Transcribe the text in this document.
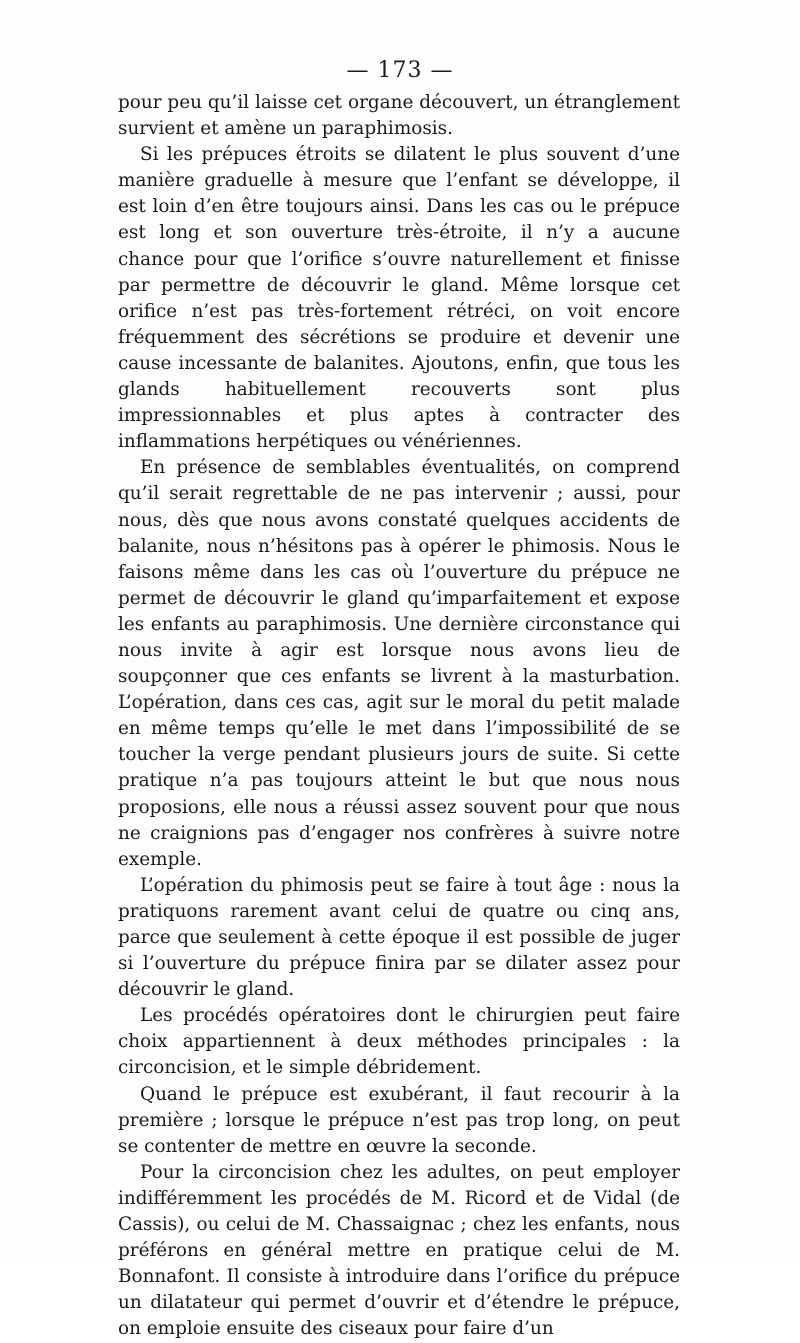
— 173 —

pour peu qu’il laisse cet organe découvert, un étranglement survient et amène un paraphimosis.

Si les prépuces étroits se dilatent le plus souvent d’une manière graduelle à mesure que l’enfant se développe, il est loin d’en être toujours ainsi. Dans les cas ou le prépuce est long et son ouverture très-étroite, il n’y a aucune chance pour que l’orifice s’ouvre naturellement et finisse par permettre de découvrir le gland. Même lorsque cet orifice n’est pas très-fortement rétréci, on voit encore fréquemment des sécrétions se produire et devenir une cause incessante de balanites. Ajoutons, enfin, que tous les glands habituellement recouverts sont plus impressionnables et plus aptes à contracter des inflammations herpétiques ou vénériennes.

En présence de semblables éventualités, on comprend qu’il serait regrettable de ne pas intervenir ; aussi, pour nous, dès que nous avons constaté quelques accidents de balanite, nous n’hésitons pas à opérer le phimosis. Nous le faisons même dans les cas où l’ouverture du prépuce ne permet de découvrir le gland qu’imparfaitement et expose les enfants au paraphimosis. Une dernière circonstance qui nous invite à agir est lorsque nous avons lieu de soupçonner que ces enfants se livrent à la masturbation. L’opération, dans ces cas, agit sur le moral du petit malade en même temps qu’elle le met dans l’impossibilité de se toucher la verge pendant plusieurs jours de suite. Si cette pratique n’a pas toujours atteint le but que nous nous proposions, elle nous a réussi assez souvent pour que nous ne craignions pas d’engager nos confrères à suivre notre exemple.

L’opération du phimosis peut se faire à tout âge : nous la pratiquons rarement avant celui de quatre ou cinq ans, parce que seulement à cette époque il est possible de juger si l’ouverture du prépuce finira par se dilater assez pour découvrir le gland.

Les procédés opératoires dont le chirurgien peut faire choix appartiennent à deux méthodes principales : la circoncision, et le simple débridement.

Quand le prépuce est exubérant, il faut recourir à la première ; lorsque le prépuce n’est pas trop long, on peut se contenter de mettre en œuvre la seconde.

Pour la circoncision chez les adultes, on peut employer indifféremment les procédés de M. Ricord et de Vidal (de Cassis), ou celui de M. Chassaignac ; chez les enfants, nous préférons en général mettre en pratique celui de M. Bonnafont. Il consiste à introduire dans l’orifice du prépuce un dilatateur qui permet d’ouvrir et d’étendre le prépuce, on emploie ensuite des ciseaux pour faire d’un
